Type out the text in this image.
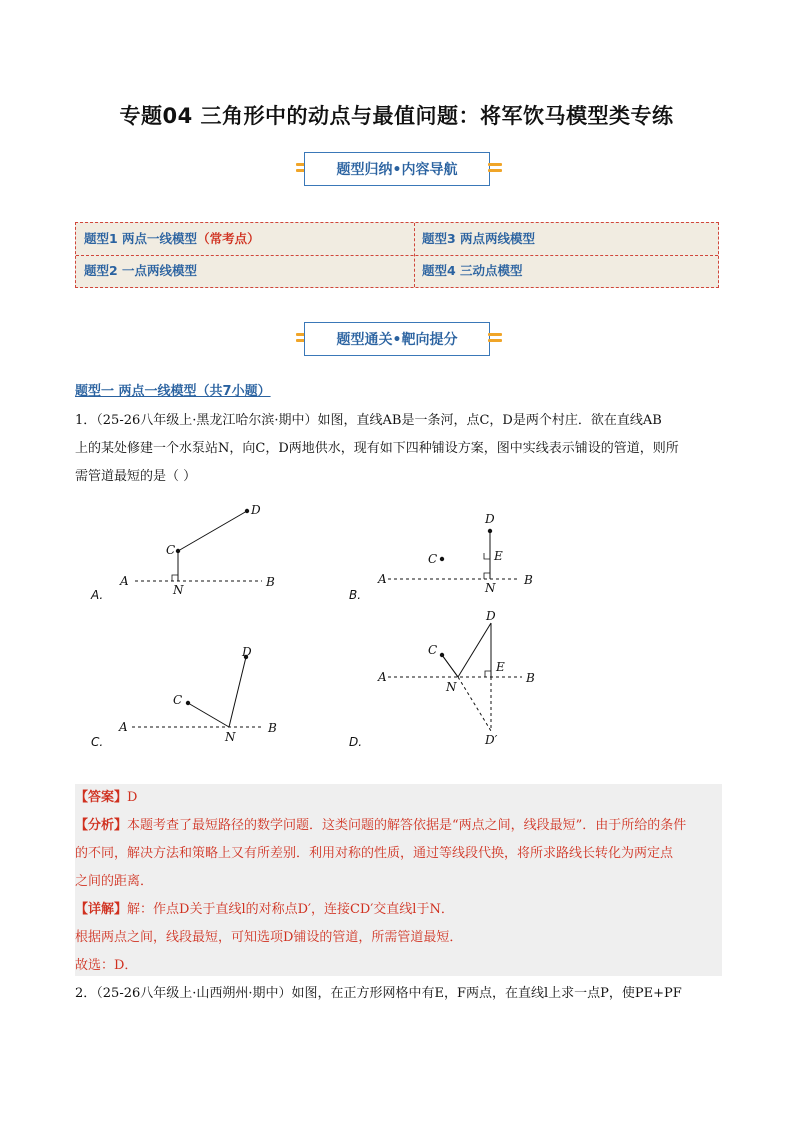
专题04 三角形中的动点与最值问题：将军饮马模型类专练
题型归纳•内容导航
题型1 两点一线模型（常考点）	题型3 两点两线模型
题型2 一点两线模型	题型4 三动点模型
题型通关•靶向提分
题型一 两点一线模型（共7小题）
1．（25-26八年级上·黑龙江哈尔滨·期中）如图，直线AB是一条河，点C，D是两个村庄．欲在直线AB
上的某处修建一个水泵站N，向C，D两地供水，现有如下四种铺设方案，图中实线表示铺设的管道，则所
需管道最短的是（ ）
A	B
C
D
N
A.
A	B
C
D
E
N
B.
A	B
C
D
N
C.
A	B
C
D
E
N
D′
D.
【答案】D
【分析】本题考查了最短路径的数学问题．这类问题的解答依据是“两点之间，线段最短”．由于所给的条件
的不同，解决方法和策略上又有所差别．利用对称的性质，通过等线段代换，将所求路线长转化为两定点
之间的距离．
【详解】解：作点D关于直线l的对称点D′，连接CD′交直线l于N．
根据两点之间，线段最短，可知选项D铺设的管道，所需管道最短．
故选：D．
2．（25-26八年级上·山西朔州·期中）如图，在正方形网格中有E，F两点，在直线l上求一点P，使PE+PF
